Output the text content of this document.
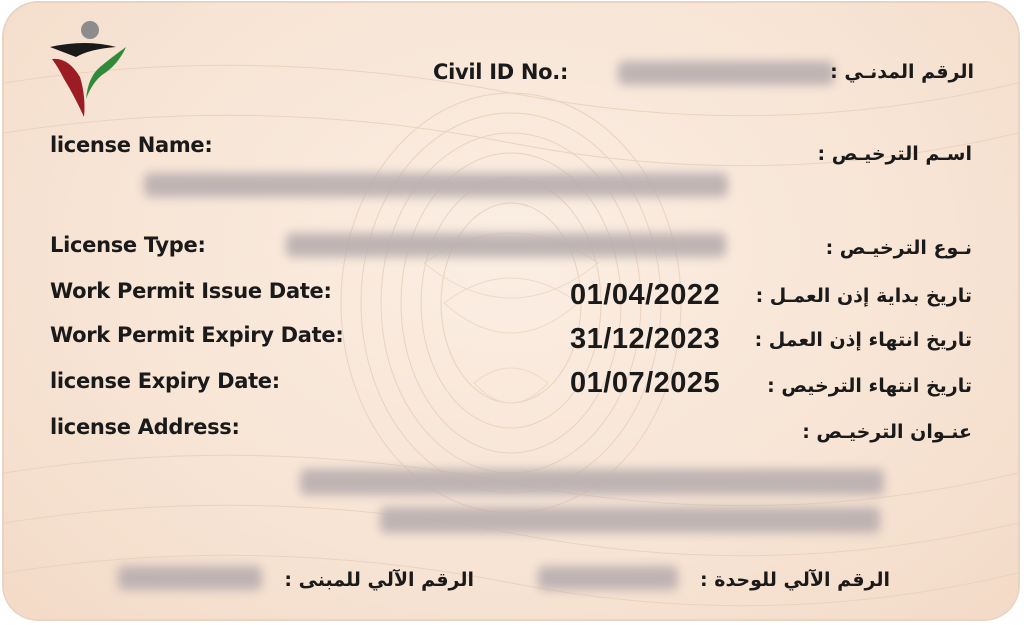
Civil ID No.:	الرقم المدنـي :
license Name:	اسـم الترخيـص :
License Type:	نـوع الترخيـص :
Work Permit Issue Date:	01/04/2022 تاريخ بداية إذن العمـل :
Work Permit Expiry Date:	31/12/2023 تاريخ انتهاء إذن العمل :
license Expiry Date:	01/07/2025 تاريخ انتهاء الترخيص :
license Address:	عنـوان الترخيـص :
الرقم الآلي للمبنى :	الرقم الآلي للوحدة :
